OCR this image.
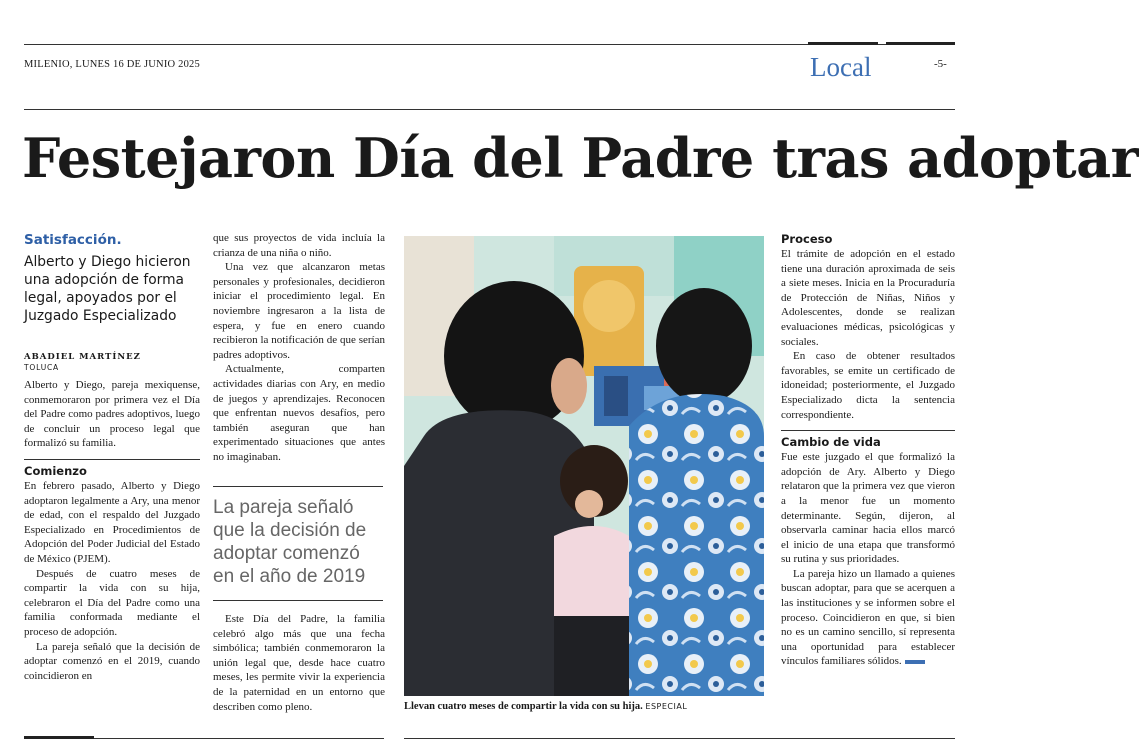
MILENIO, LUNES 16 DE JUNIO 2025	Local	-5-
Festejaron Día del Padre tras adoptar
Satisfacción.
Alberto y Diego hicieron una adopción de forma legal, apoyados por el Juzgado Especializado
ABADIEL MARTÍNEZ
TOLUCA

Alberto y Diego, pareja mexiquense, conmemoraron por primera vez el Día del Padre como padres adoptivos, luego de concluir un proceso legal que formalizó su familia.

Comienzo

En febrero pasado, Alberto y Diego adoptaron legalmente a Ary, una menor de edad, con el respaldo del Juzgado Especializado en Procedimientos de Adopción del Poder Judicial del Estado de México (PJEM).

Después de cuatro meses de compartir la vida con su hija, celebraron el Día del Padre como una familia conformada mediante el proceso de adopción.

La pareja señaló que la decisión de adoptar comenzó en el 2019, cuando coincidieron en

que sus proyectos de vida incluía la crianza de una niña o niño.

Una vez que alcanzaron metas personales y profesionales, decidieron iniciar el procedimiento legal. En noviembre ingresaron a la lista de espera, y fue en enero cuando recibieron la notificación de que serían padres adoptivos.

Actualmente, comparten actividades diarias con Ary, en medio de juegos y aprendizajes. Reconocen que enfrentan nuevos desafíos, pero también aseguran que han experimentado situaciones que antes no imaginaban.

La pareja señaló que la decisión de adoptar comenzó en el año de 2019

Este Día del Padre, la familia celebró algo más que una fecha simbólica; también conmemoraron la unión legal que, desde hace cuatro meses, les permite vivir la experiencia de la paternidad en un entorno que describen como pleno.	Llevan cuatro meses de compartir la vida con su hija. ESPECIAL
Proceso

El trámite de adopción en el estado tiene una duración aproximada de seis a siete meses. Inicia en la Procuraduría de Protección de Niñas, Niños y Adolescentes, donde se realizan evaluaciones médicas, psicológicas y sociales.

En caso de obtener resultados favorables, se emite un certificado de idoneidad; posteriormente, el Juzgado Especializado dicta la sentencia correspondiente.

Cambio de vida

Fue este juzgado el que formalizó la adopción de Ary. Alberto y Diego relataron que la primera vez que vieron a la menor fue un momento determinante. Según, dijeron, al observarla caminar hacia ellos marcó el inicio de una etapa que transformó su rutina y sus prioridades.

La pareja hizo un llamado a quienes buscan adoptar, para que se acerquen a las instituciones y se informen sobre el proceso. Coincidieron en que, si bien no es un camino sencillo, sí representa una oportunidad para establecer vínculos familiares sólidos.
